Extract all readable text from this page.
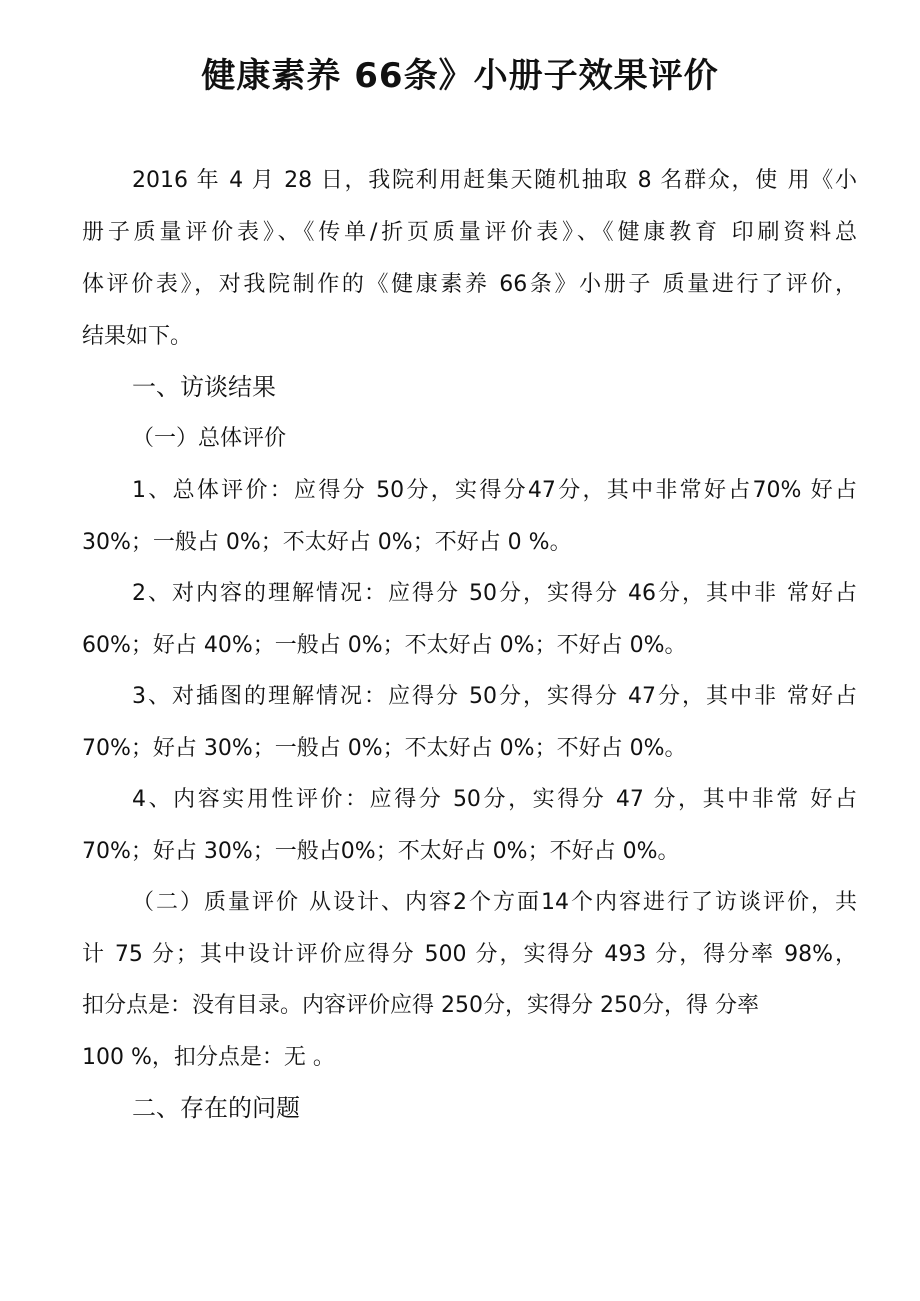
健康素养 66条》小册子效果评价
2016 年 4 月 28 日，我院利用赶集天随机抽取 8 名群众，使 用《小
册子质量评价表》、《传单/折页质量评价表》、《健康教育 印刷资料总
体评价表》，对我院制作的《健康素养 66条》小册子 质量进行了评价，
结果如下。
一、访谈结果
（一）总体评价
1、总体评价：应得分 50分，实得分47分，其中非常好占70% 好占
30%；一般占 0%；不太好占 0%；不好占 0 %。
2、对内容的理解情况：应得分 50分，实得分 46分，其中非 常好占
60%；好占 40%；一般占 0%；不太好占 0%；不好占 0%。
3、对插图的理解情况：应得分 50分，实得分 47分，其中非 常好占
70%；好占 30%；一般占 0%；不太好占 0%；不好占 0%。
4、内容实用性评价：应得分 50分，实得分 47 分，其中非常 好占
70%；好占 30%；一般占0%；不太好占 0%；不好占 0%。
（二）质量评价 从设计、内容2个方面14个内容进行了访谈评价，共
计 75 分；其中设计评价应得分 500 分，实得分 493 分，得分率 98%，
扣分点是：没有目录。内容评价应得 250分，实得分 250分，得 分率
100 %，扣分点是：无 。
二、存在的问题
